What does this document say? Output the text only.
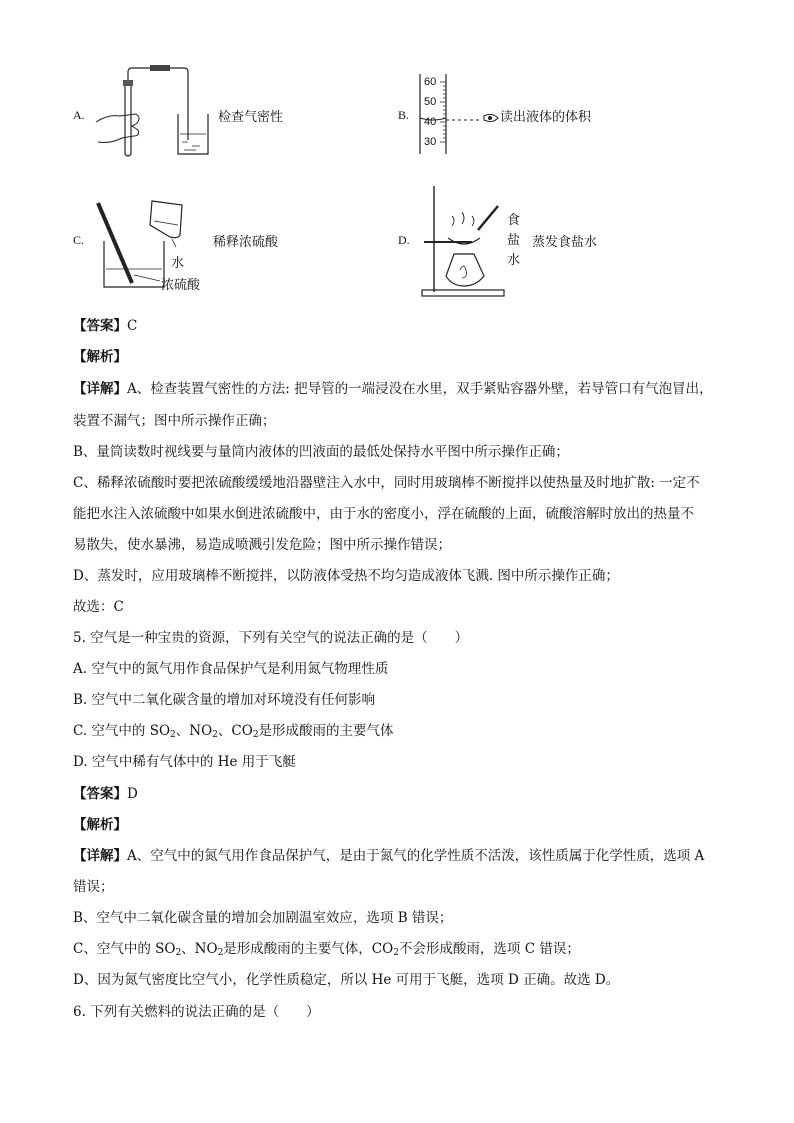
A.	检查气密性	B.
60
50
40
30
读出液体的体积
C.
水
浓硫酸
稀释浓硫酸	D.
食
盐
水
蒸发食盐水
【答案】C
【解析】
【详解】A、检查装置气密性的方法: 把导管的一端浸没在水里，双手紧贴容器外壁，若导管口有气泡冒出，
装置不漏气；图中所示操作正确；
B、量筒读数时视线要与量筒内液体的凹液面的最低处保持水平图中所示操作正确；
C、稀释浓硫酸时要把浓硫酸缓缓地沿器壁注入水中，同时用玻璃棒不断搅拌以使热量及时地扩散: 一定不
能把水注入浓硫酸中如果水倒进浓硫酸中，由于水的密度小，浮在硫酸的上面，硫酸溶解时放出的热量不
易散失，使水暴沸，易造成喷溅引发危险；图中所示操作错误；
D、蒸发时，应用玻璃棒不断搅拌，以防液体受热不均匀造成液体飞溅. 图中所示操作正确；
故选：C
5. 空气是一种宝贵的资源，下列有关空气的说法正确的是（　　）
A. 空气中的氮气用作食品保护气是利用氮气物理性质
B. 空气中二氧化碳含量的增加对环境没有任何影响
C. 空气中的 $SO_2$、$NO_2$、$CO_2$是形成酸雨的主要气体
D. 空气中稀有气体中的 He 用于飞艇
【答案】D
【解析】
【详解】A、空气中的氮气用作食品保护气，是由于氮气的化学性质不活泼，该性质属于化学性质，选项 A
错误；
B、空气中二氧化碳含量的增加会加剧温室效应，选项 B 错误；
C、空气中的 $SO_2$、$NO_2$是形成酸雨的主要气体，$CO_2$不会形成酸雨，选项 C 错误；
D、因为氮气密度比空气小，化学性质稳定，所以 He 可用于飞艇，选项 D 正确。故选 D。
6. 下列有关燃料的说法正确的是（　　）
